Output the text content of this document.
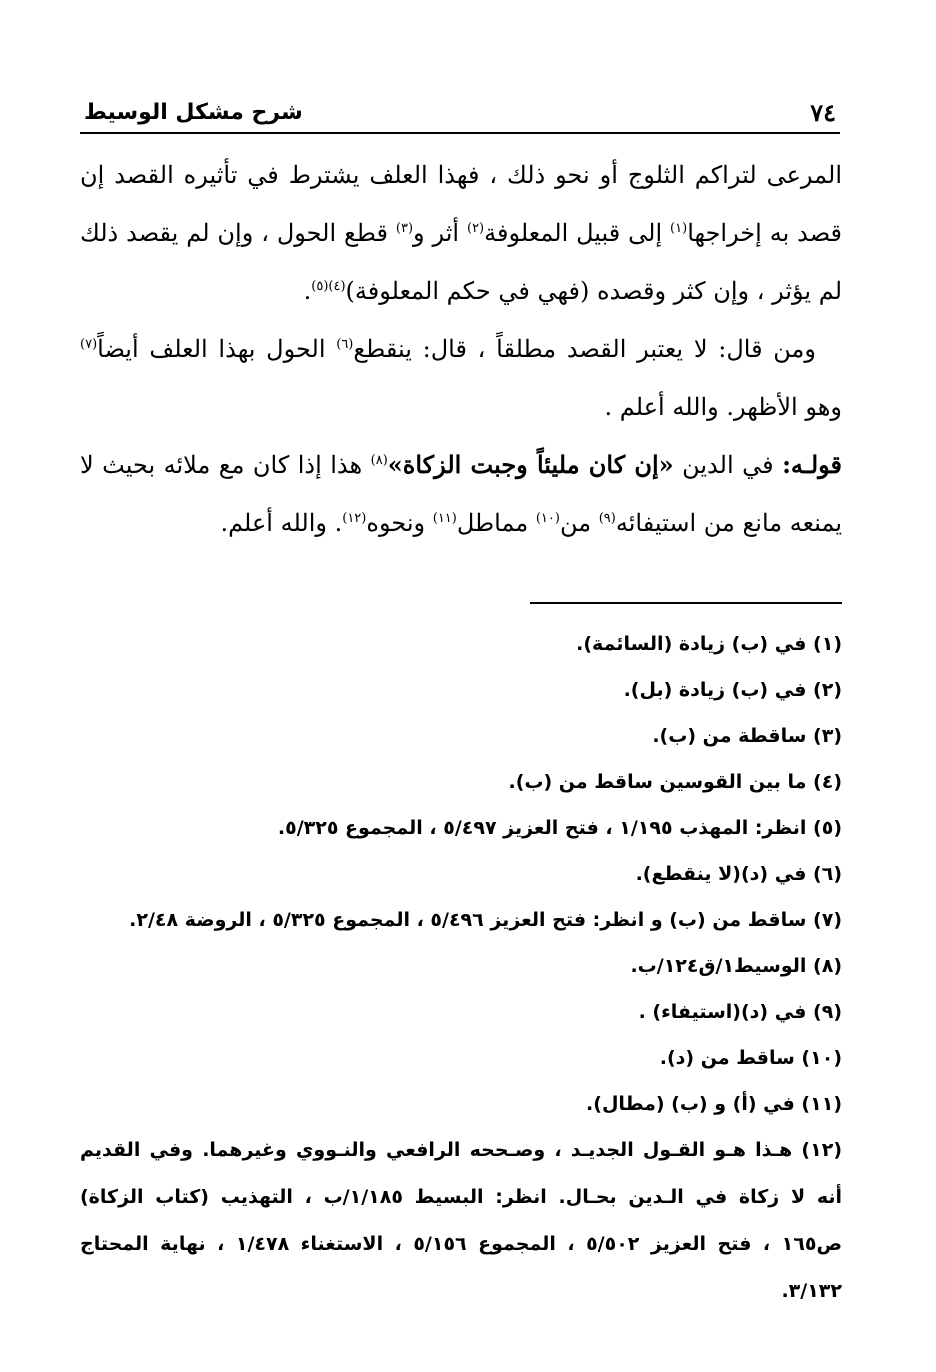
٧٤
شرح مشكل الوسيط

المرعى لتراكم الثلوج أو نحو ذلك ، فهذا العلف يشترط في تأثيره القصد إن قصد به إخراجها$^{(١)}$ إلى قبيل المعلوفة$^{(٢)}$ أثر و$^{(٣)}$ قطع الحول ، وإن لم يقصد ذلك لم يؤثر ، وإن كثر وقصده (فهي في حكم المعلوفة)$^{(٤)(٥)}$.

ومن قال: لا يعتبر القصد مطلقاً ، قال: ينقطع$^{(٦)}$ الحول بهذا العلف أيضاً$^{(٧)}$ وهو الأظهر. والله أعلم .

قولـه: في الدين «إن كان مليئاً وجبت الزكاة»$^{(٨)}$ هذا إذا كان مع ملائه بحيث لا يمنعه مانع من استيفائه$^{(٩)}$ من$^{(١٠)}$ مماطل$^{(١١)}$ ونحوه$^{(١٢)}$. والله أعلم.

(١) في (ب) زيادة (السائمة).

(٢) في (ب) زيادة (بل).

(٣) ساقطة من (ب).

(٤) ما بين القوسين ساقط من (ب).

(٥) انظر: المهذب ١/١٩٥ ، فتح العزيز ٥/٤٩٧ ، المجموع ٥/٣٢٥.

(٦) في (د)(لا ينقطع).

(٧) ساقط من (ب) و انظر: فتح العزيز ٥/٤٩٦ ، المجموع ٥/٣٢٥ ، الروضة ٢/٤٨.

(٨) الوسيط١/ق١٢٤/ب.

(٩) في (د)(استيفاء) .

(١٠) ساقط من (د).

(١١) في (أ) و (ب) (مطال).

(١٢) هـذا هـو القـول الجديـد ، وصـححه الرافعي والنـووي وغيرهما. وفي القديم أنه لا زكاة في الـدين بحـال. انظر: البسيط ١/١٨٥/ب ، التهذيب (كتاب الزكاة) ص١٦٥ ، فتح العزيز ٥/٥٠٢ ، المجموع ٥/١٥٦ ، الاستغناء ١/٤٧٨ ، نهاية المحتاج ٣/١٣٢.
